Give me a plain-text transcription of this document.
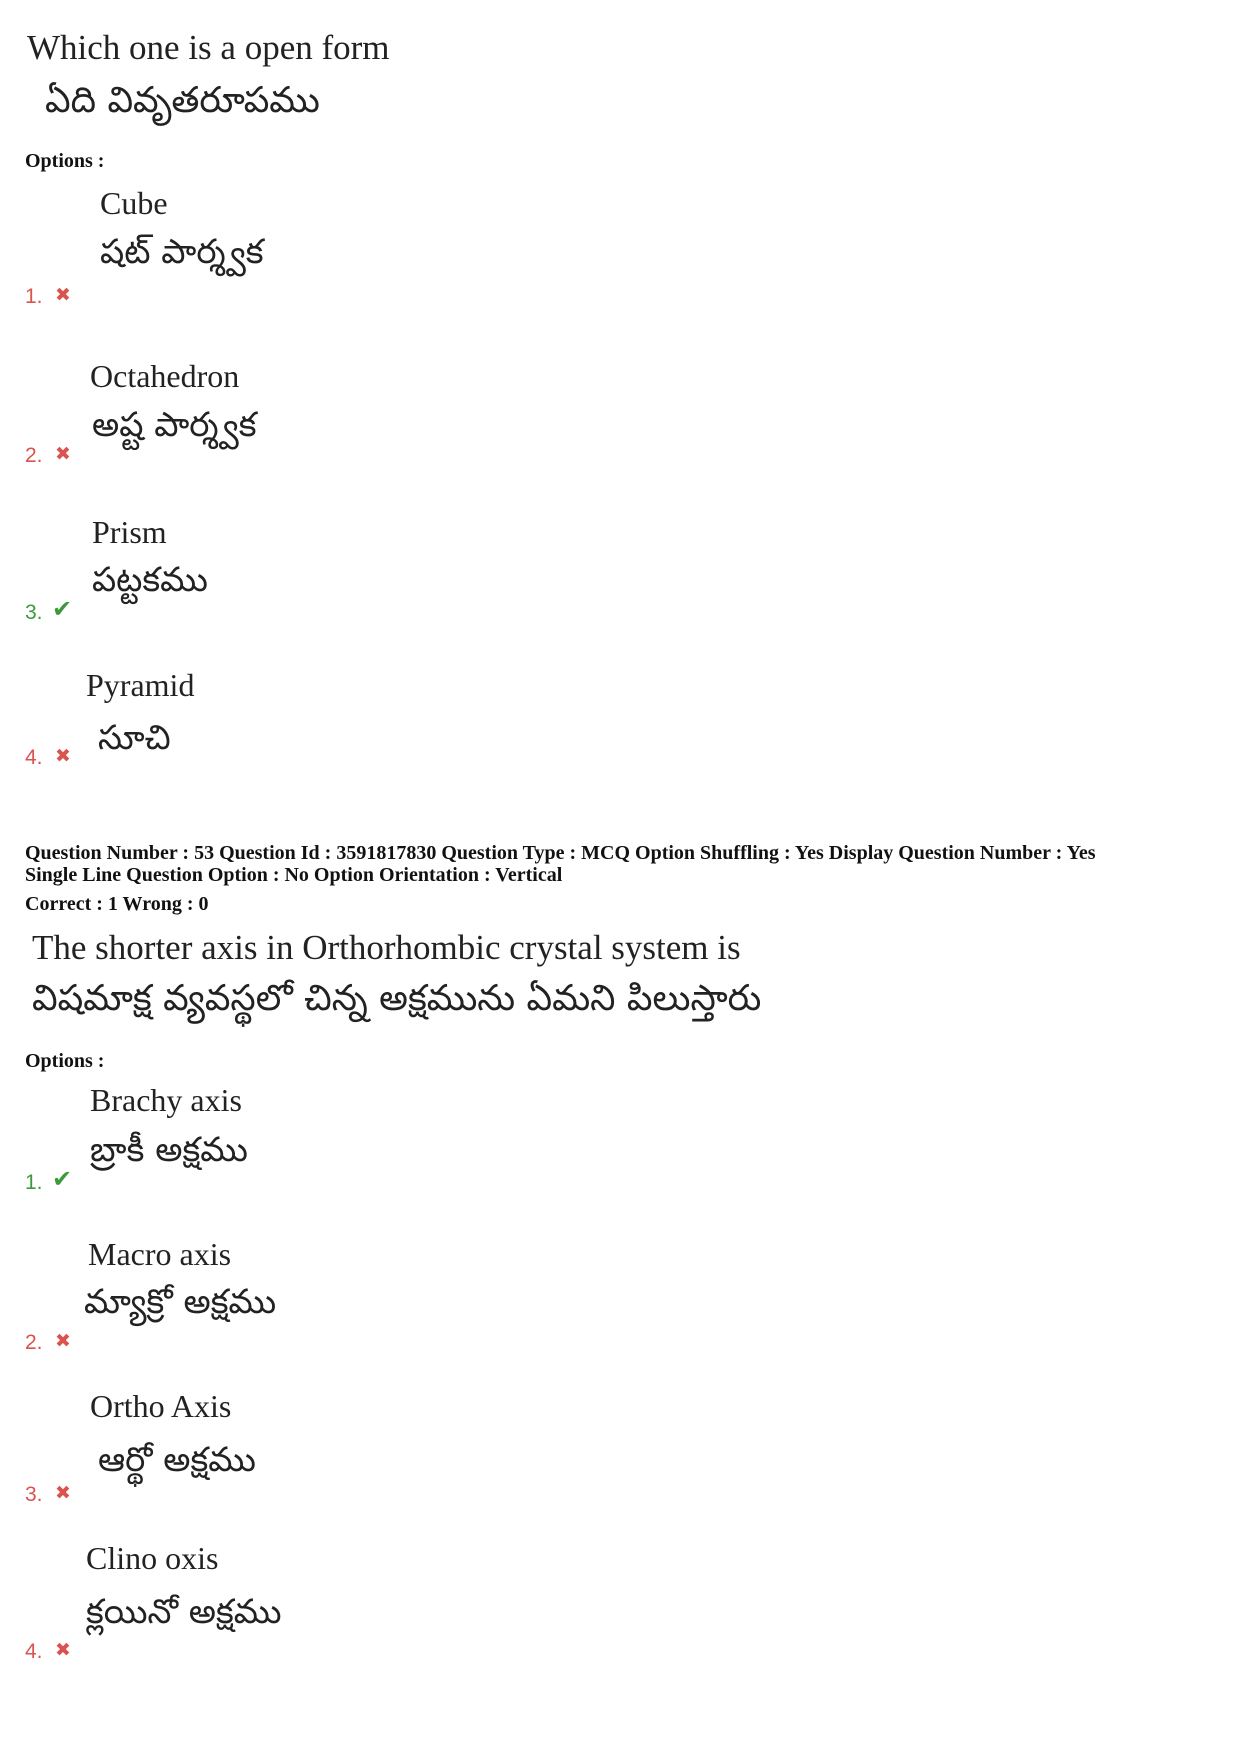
Which one is a open form
ఏది వివృతరూపము
Options :
Cube
షట్ పార్శ్వక
1. ✖
Octahedron
అష్ట పార్శ్వక
2. ✖
Prism
పట్టకము
3. ✔
Pyramid
సూచి
4. ✖
Question Number : 53 Question Id : 3591817830 Question Type : MCQ Option Shuffling : Yes Display Question Number : Yes
Single Line Question Option : No Option Orientation : Vertical
Correct : 1 Wrong : 0
The shorter axis in Orthorhombic crystal system is
విషమాక్ష వ్యవస్థలో చిన్న అక్షమును ఏమని పిలుస్తారు
Options :
Brachy axis
బ్రాకీ అక్షము
1. ✔
Macro axis
మ్యాక్రో అక్షము
2. ✖
Ortho Axis
ఆర్థో అక్షము
3. ✖
Clino oxis
క్లయినో అక్షము
4. ✖
